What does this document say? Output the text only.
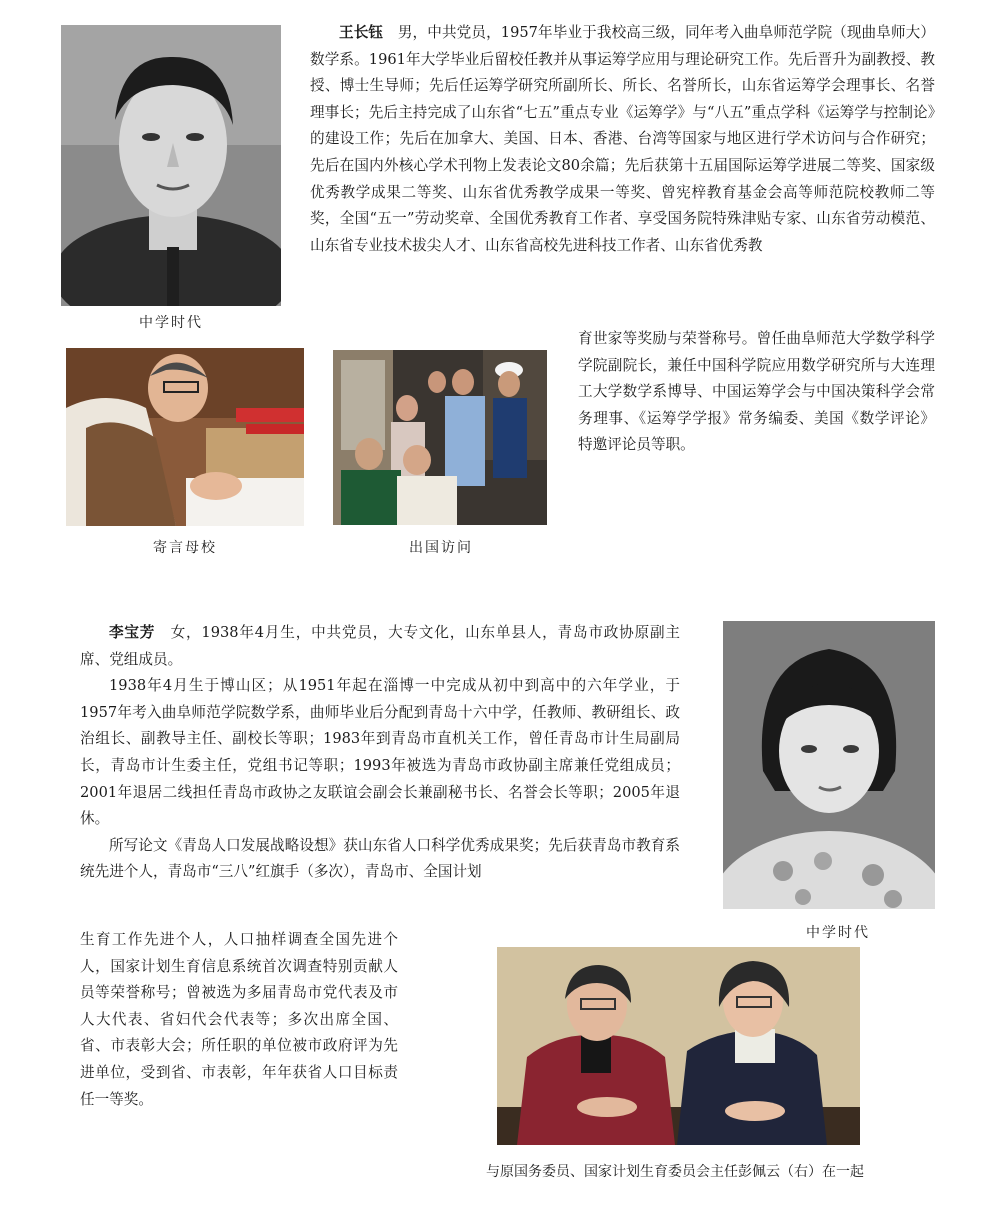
中学时代

王长钰　 男，中共党员，1957年毕业于我校高三级，同年考入曲阜师范学院（现曲阜师大）数学系。1961年大学毕业后留校任教并从事运筹学应用与理论研究工作。先后晋升为副教授、教授、博士生导师；先后任运筹学研究所副所长、所长、名誉所长，山东省运筹学会理事长、名誉理事长；先后主持完成了山东省“七五”重点专业《运筹学》与“八五”重点学科《运筹学与控制论》的建设工作；先后在加拿大、美国、日本、香港、台湾等国家与地区进行学术访问与合作研究；先后在国内外核心学术刊物上发表论文80余篇；先后获第十五届国际运筹学进展二等奖、国家级优秀教学成果二等奖、山东省优秀教学成果一等奖、曾宪梓教育基金会高等师范院校教师二等奖，全国“五一”劳动奖章、全国优秀教育工作者、享受国务院特殊津贴专家、山东省劳动模范、山东省专业技术拔尖人才、山东省高校先进科技工作者、山东省优秀教

育世家等奖励与荣誉称号。曾任曲阜师范大学数学科学学院副院长，兼任中国科学院应用数学研究所与大连理工大学数学系博导、中国运筹学会与中国决策科学会常务理事、《运筹学学报》常务编委、美国《数学评论》特邀评论员等职。

寄言母校	出国访问

李宝芳　 女，1938年4月生，中共党员，大专文化，山东单县人，青岛市政协原副主席、党组成员。

1938年4月生于博山区；从1951年起在淄博一中完成从初中到高中的六年学业，于1957年考入曲阜师范学院数学系，曲师毕业后分配到青岛十六中学，任教师、教研组长、政治组长、副教导主任、副校长等职；1983年到青岛市直机关工作，曾任青岛市计生局副局长，青岛市计生委主任，党组书记等职；1993年被选为青岛市政协副主席兼任党组成员；2001年退居二线担任青岛市政协之友联谊会副会长兼副秘书长、名誉会长等职；2005年退休。

所写论文《青岛人口发展战略设想》获山东省人口科学优秀成果奖；先后获青岛市教育系统先进个人，青岛市“三八”红旗手（多次），青岛市、全国计划

生育工作先进个人，人口抽样调查全国先进个人，国家计划生育信息系统首次调查特别贡献人员等荣誉称号；曾被选为多届青岛市党代表及市人大代表、省妇代会代表等；多次出席全国、省、市表彰大会；所任职的单位被市政府评为先进单位，受到省、市表彰，年年获省人口目标责任一等奖。

中学时代
与原国务委员、国家计划生育委员会主任彭佩云（右）在一起
